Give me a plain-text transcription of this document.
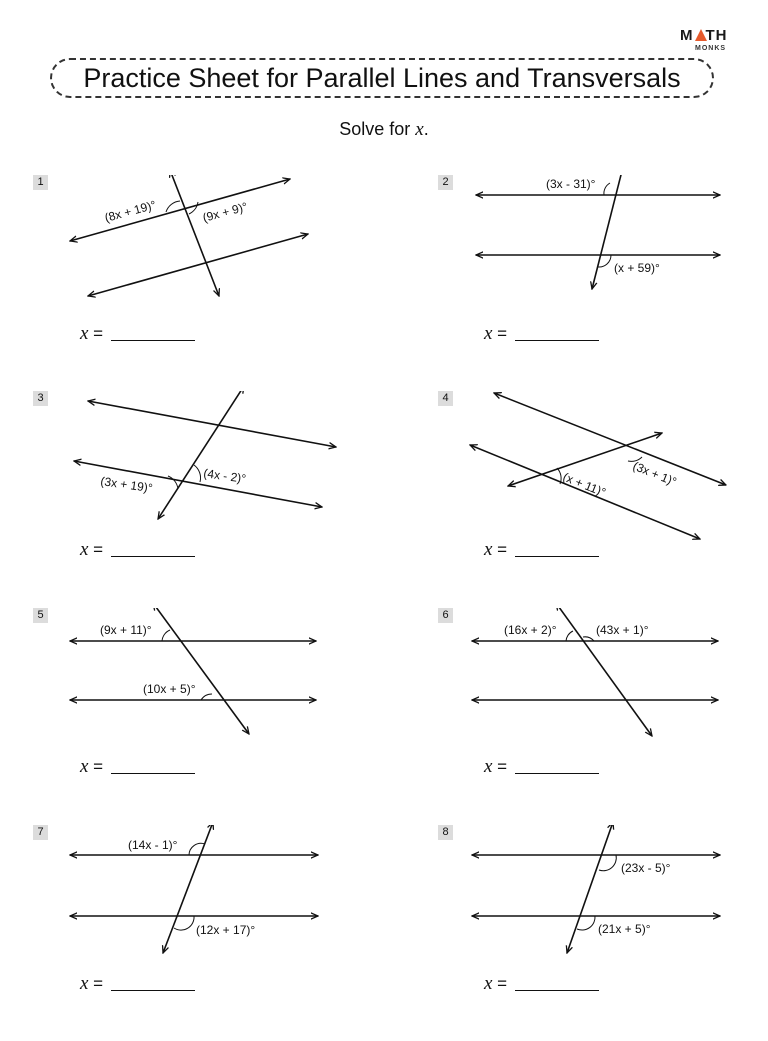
M TH
MONKS
Practice Sheet for Parallel Lines and Transversals
Solve for x.
1
(8x + 19)°	(9x + 9)°
x =
2	(3x - 31)°
(x + 59)°
x =
3
(3x + 19)°	(4x - 2)°
x =
4
(3x + 1)°
(x + 11)°
x =
5
(9x + 11)°
(10x + 5)°
x =
6
(16x + 2)°	(43x + 1)°
x =
7
(14x - 1)°
(12x + 17)°
x =
8
(23x - 5)°
(21x + 5)°
x =
